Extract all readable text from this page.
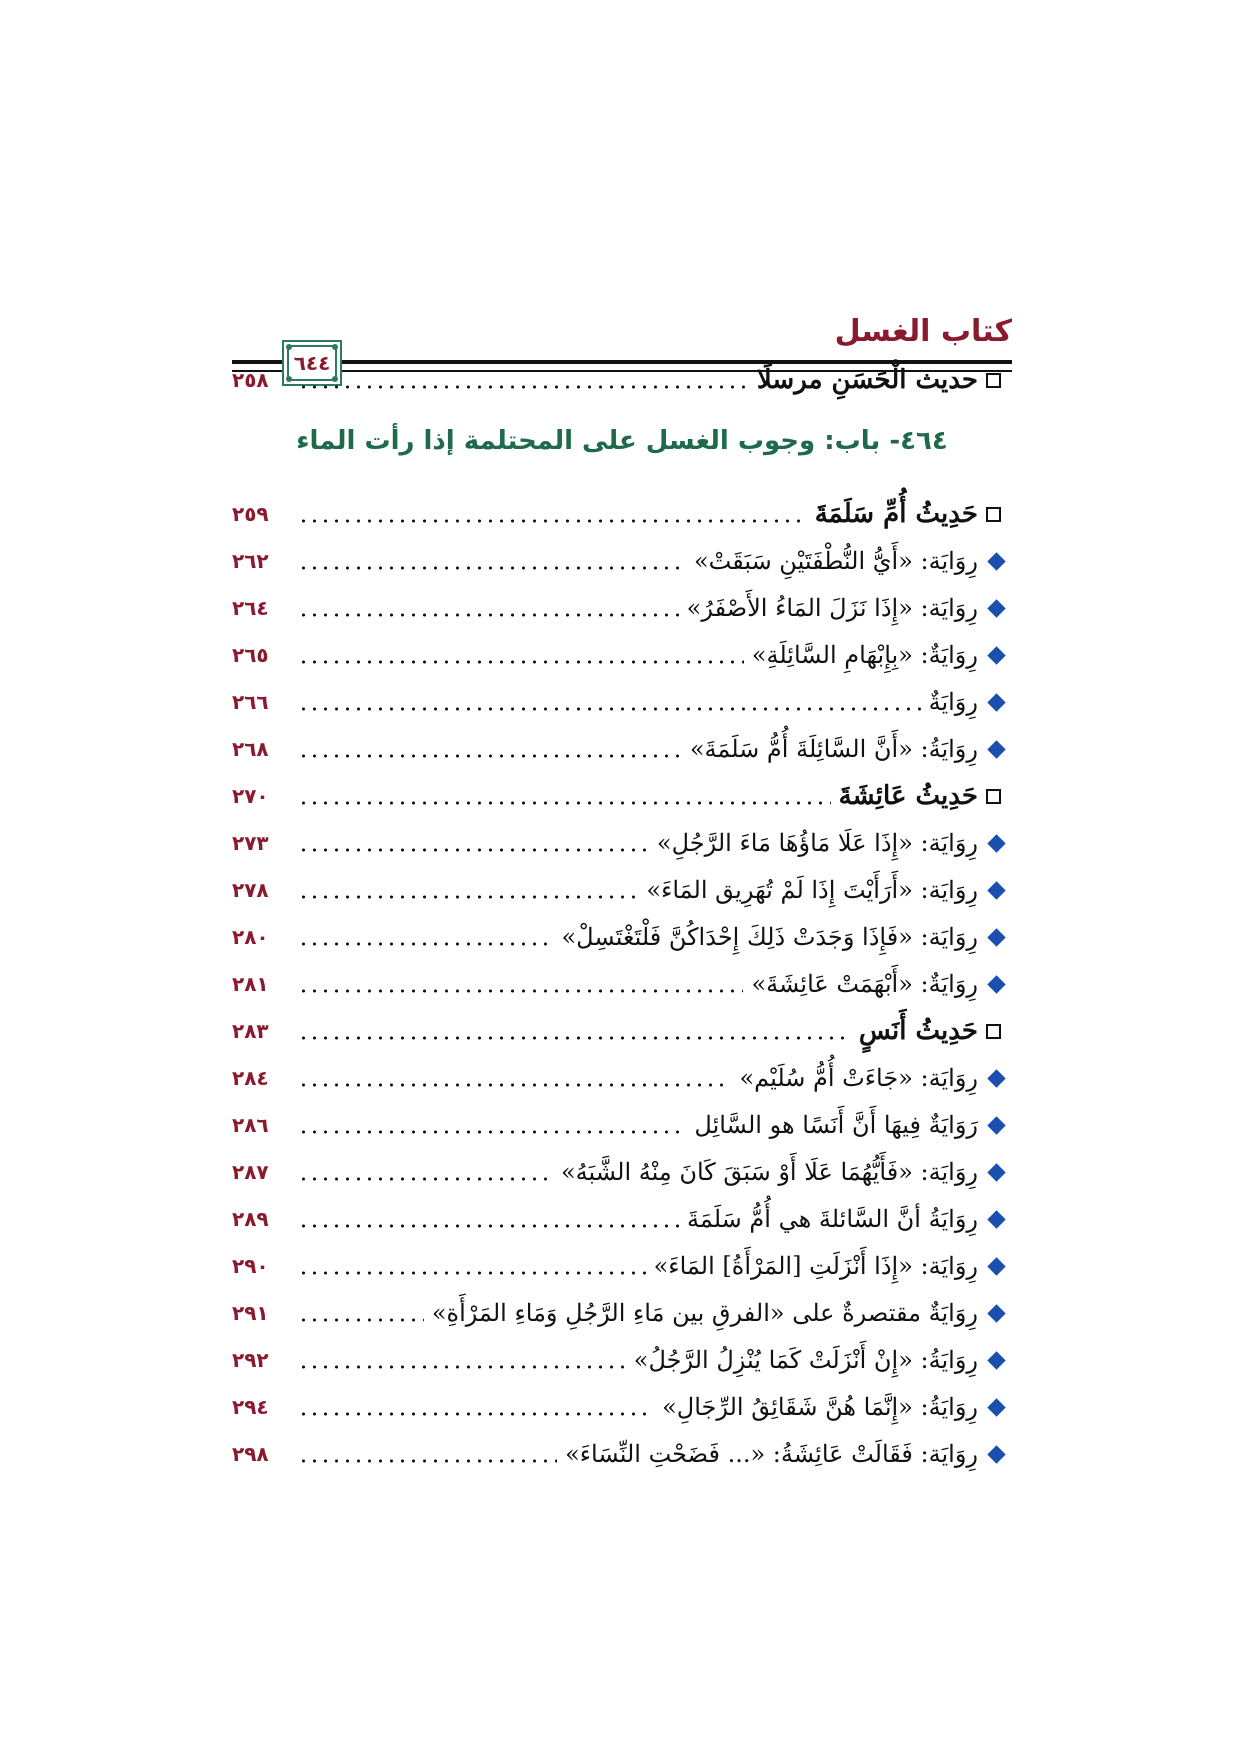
كتاب الغسل
٦٤٤
حديث الْحَسَنِ مرسلًا
٢٥٨
٤٦٤- باب: وجوب الغسل على المحتلمة إذا رأت الماء
حَدِيثُ أُمِّ سَلَمَةَ
٢٥٩
رِوَايَة: «أَيُّ النُّطْفَتَيْنِ سَبَقَتْ»
٢٦٢
رِوَايَة: «إِذَا نَزَلَ المَاءُ الأَصْفَرُ»
٢٦٤
رِوَايَةٌ: «بِإِبْهَامِ السَّائِلَةِ»
٢٦٥
رِوَايَةٌ
٢٦٦
رِوَايَةُ: «أَنَّ السَّائِلَةَ أُمُّ سَلَمَةَ»
٢٦٨
حَدِيثُ عَائِشَةَ
٢٧٠
رِوَايَة: «إِذَا عَلَا مَاؤُهَا مَاءَ الرَّجُلِ»
٢٧٣
رِوَايَة: «أَرَأَيْتَ إِذَا لَمْ تُهَرِيق المَاءَ»
٢٧٨
رِوَايَة: «فَإِذَا وَجَدَتْ ذَلِكَ إِحْدَاكُنَّ فَلْتَغْتَسِلْ»
٢٨٠
رِوَايَةٌ: «أَبْهَمَتْ عَائِشَةَ»
٢٨١
حَدِيثُ أَنَسٍ
٢٨٣
رِوَايَة: «جَاءَتْ أُمُّ سُلَيْم»
٢٨٤
رَوَايَةٌ فِيهَا أَنَّ أَنَسًا هو السَّائِل
٢٨٦
رِوَايَة: «فَأَيُّهُمَا عَلَا أَوْ سَبَقَ كَانَ مِنْهُ الشَّبَهُ»
٢٨٧
رِوَايَةُ أنَّ السَّائلةَ هي أُمُّ سَلَمَةَ
٢٨٩
رِوَايَة: «إِذَا أَنْزَلَتِ [المَرْأَةُ] المَاءَ»
٢٩٠
رِوَايَةٌ مقتصرةٌ على «الفرقِ بين مَاءِ الرَّجُلِ وَمَاءِ المَرْأَةِ»
٢٩١
رِوَايَةُ: «إِنْ أَنْزَلَتْ كَمَا يُنْزِلُ الرَّجُلُ»
٢٩٢
رِوَايَةُ: «إِنَّمَا هُنَّ شَقَائِقُ الرِّجَالِ»
٢٩٤
رِوَايَة: فَقَالَتْ عَائِشَةُ: «... فَضَحْتِ النِّسَاءَ»
٢٩٨
